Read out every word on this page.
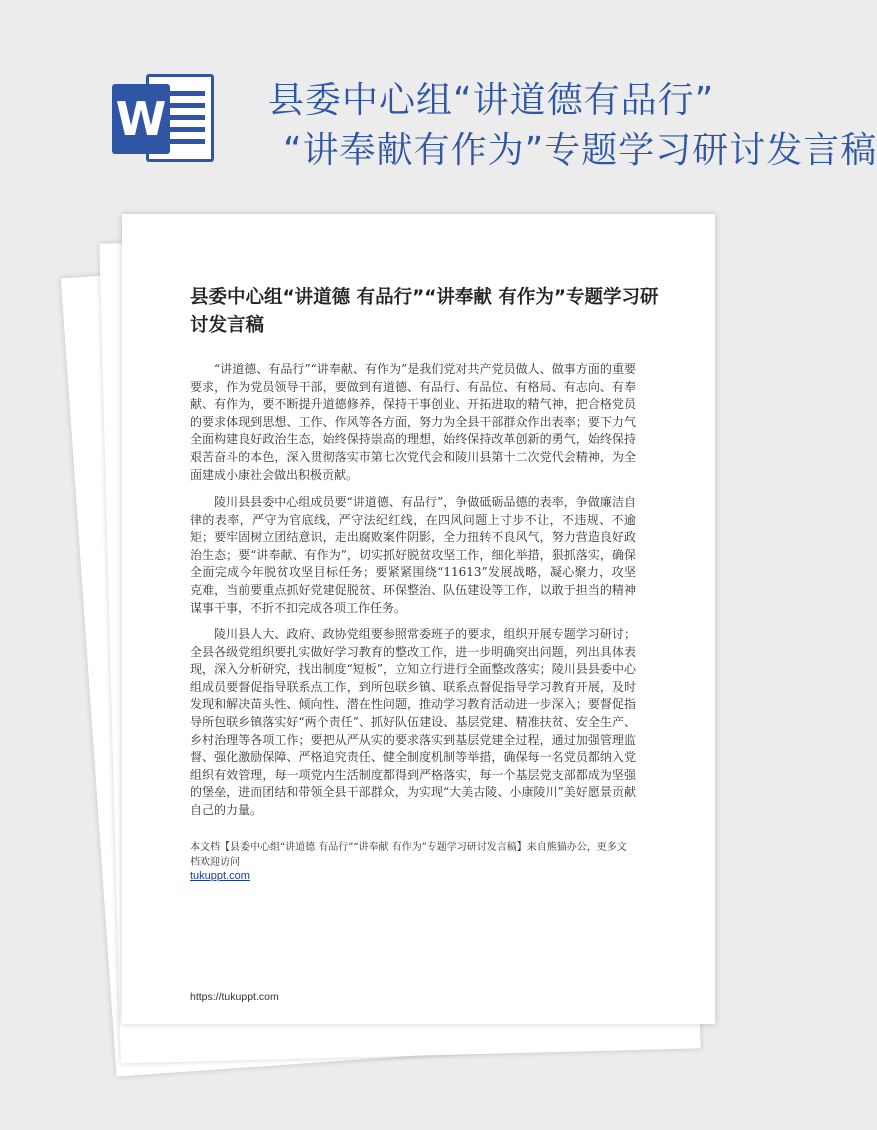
W	县委中心组“讲道德有品行”
“讲奉献有作为”专题学习研讨发言稿
县委中心组“讲道德 有品行”“讲奉献 有作为”专题学习研讨发言稿

“讲道德、有品行”“讲奉献、有作为”是我们党对共产党员做人、做事方面的重要要求，作为党员领导干部，要做到有道德、有品行、有品位、有格局、有志向、有奉献、有作为，要不断提升道德修养，保持干事创业、开拓进取的精气神，把合格党员的要求体现到思想、工作、作风等各方面，努力为全县干部群众作出表率；要下力气全面构建良好政治生态，始终保持崇高的理想，始终保持改革创新的勇气，始终保持艰苦奋斗的本色，深入贯彻落实市第七次党代会和陵川县第十二次党代会精神，为全面建成小康社会做出积极贡献。

陵川县县委中心组成员要“讲道德、有品行”，争做砥砺品德的表率，争做廉洁自律的表率，严守为官底线，严守法纪红线，在四风问题上寸步不让，不违规、不逾矩；要牢固树立团结意识，走出腐败案件阴影，全力扭转不良风气，努力营造良好政治生态；要“讲奉献、有作为”，切实抓好脱贫攻坚工作，细化举措，狠抓落实，确保全面完成今年脱贫攻坚目标任务；要紧紧围绕“11613”发展战略，凝心聚力，攻坚克难，当前要重点抓好党建促脱贫、环保整治、队伍建设等工作，以敢于担当的精神谋事干事，不折不扣完成各项工作任务。

陵川县人大、政府、政协党组要参照常委班子的要求，组织开展专题学习研讨；全县各级党组织要扎实做好学习教育的整改工作，进一步明确突出问题，列出具体表现，深入分析研究，找出制度“短板”，立知立行进行全面整改落实；陵川县县委中心组成员要督促指导联系点工作，到所包联乡镇、联系点督促指导学习教育开展，及时发现和解决苗头性、倾向性、潜在性问题，推动学习教育活动进一步深入；要督促指导所包联乡镇落实好“两个责任”、抓好队伍建设、基层党建、精准扶贫、安全生产、乡村治理等各项工作；要把从严从实的要求落实到基层党建全过程，通过加强管理监督、强化激励保障、严格追究责任、健全制度机制等举措，确保每一名党员都纳入党组织有效管理，每一项党内生活制度都得到严格落实，每一个基层党支部都成为坚强的堡垒，进而团结和带领全县干部群众，为实现“大美古陵、小康陵川”美好愿景贡献自己的力量。

本文档【县委中心组“讲道德 有品行”“讲奉献 有作为”专题学习研讨发言稿】来自熊猫办公，更多文档欢迎访问

tukuppt.com
https://tukuppt.com
